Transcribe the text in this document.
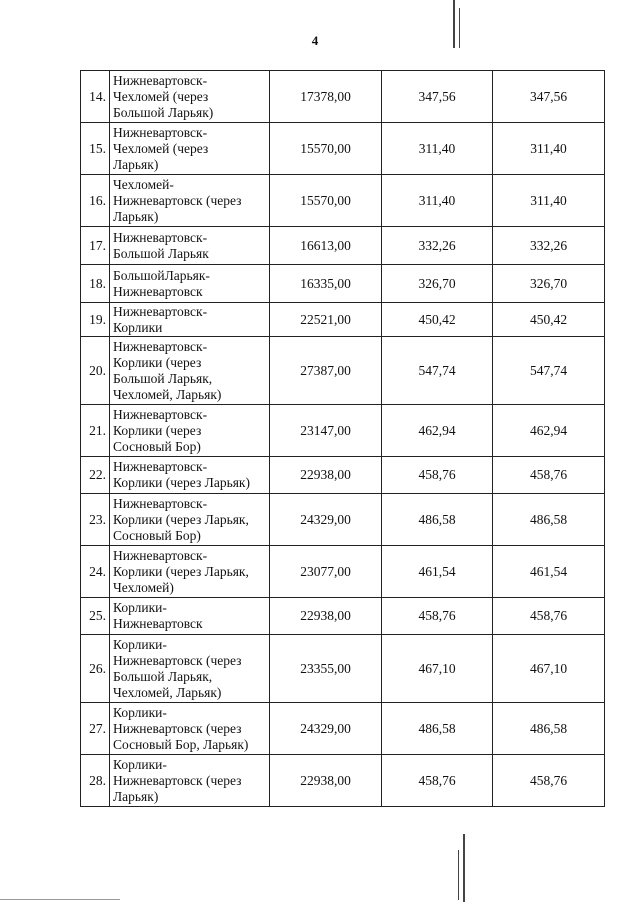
4
14.	Нижневартовск-
Чехломей (через
Большой Ларьяк)	17378,00	347,56	347,56
15.	Нижневартовск-
Чехломей (через
Ларьяк)	15570,00	311,40	311,40
16.	Чехломей-
Нижневартовск (через
Ларьяк)	15570,00	311,40	311,40
17.	Нижневартовск-
Большой Ларьяк	16613,00	332,26	332,26
18.	БольшойЛарьяк-
Нижневартовск	16335,00	326,70	326,70
19.	Нижневартовск-
Корлики	22521,00	450,42	450,42
20.	Нижневартовск-
Корлики (через
Большой Ларьяк,
Чехломей, Ларьяк)	27387,00	547,74	547,74
21.	Нижневартовск-
Корлики (через
Сосновый Бор)	23147,00	462,94	462,94
22.	Нижневартовск-
Корлики (через Ларьяк)	22938,00	458,76	458,76
23.	Нижневартовск-
Корлики (через Ларьяк,
Сосновый Бор)	24329,00	486,58	486,58
24.	Нижневартовск-
Корлики (через Ларьяк,
Чехломей)	23077,00	461,54	461,54
25.	Корлики-
Нижневартовск	22938,00	458,76	458,76
26.	Корлики-
Нижневартовск (через
Большой Ларьяк,
Чехломей, Ларьяк)	23355,00	467,10	467,10
27.	Корлики-
Нижневартовск (через
Сосновый Бор, Ларьяк)	24329,00	486,58	486,58
28.	Корлики-
Нижневартовск (через
Ларьяк)	22938,00	458,76	458,76
